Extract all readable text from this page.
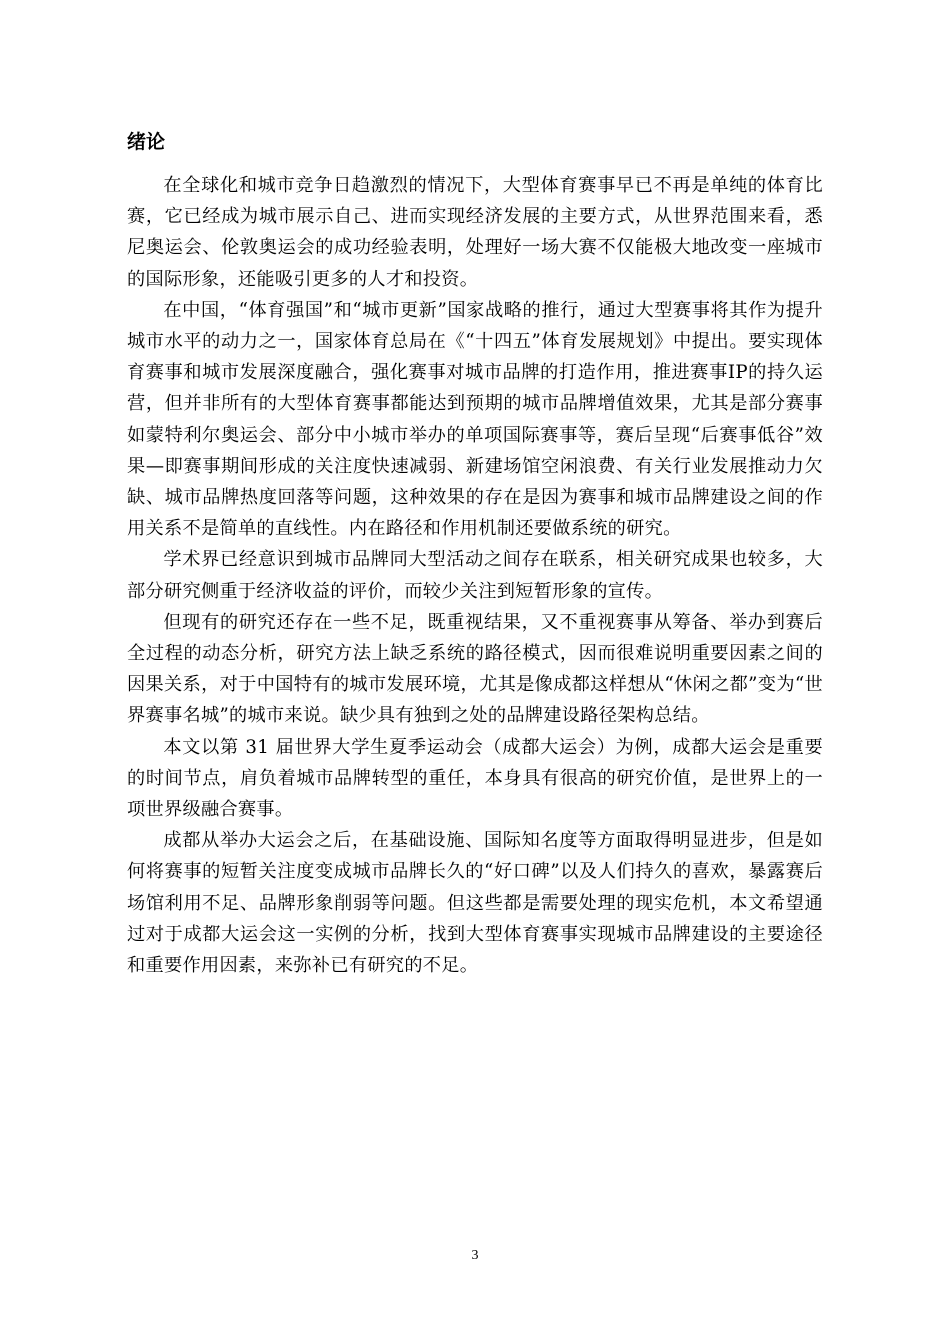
绪论

在全球化和城市竞争日趋激烈的情况下，大型体育赛事早已不再是单纯的体育比赛，它已经成为城市展示自己、进而实现经济发展的主要方式，从世界范围来看，悉尼奥运会、伦敦奥运会的成功经验表明，处理好一场大赛不仅能极大地改变一座城市的国际形象，还能吸引更多的人才和投资。

在中国，“体育强国”和“城市更新”国家战略的推行，通过大型赛事将其作为提升城市水平的动力之一，国家体育总局在《“十四五”体育发展规划》中提出。要实现体育赛事和城市发展深度融合，强化赛事对城市品牌的打造作用，推进赛事IP的持久运营，但并非所有的大型体育赛事都能达到预期的城市品牌增值效果，尤其是部分赛事如蒙特利尔奥运会、部分中小城市举办的单项国际赛事等，赛后呈现“后赛事低谷”效果—即赛事期间形成的关注度快速减弱、新建场馆空闲浪费、有关行业发展推动力欠缺、城市品牌热度回落等问题，这种效果的存在是因为赛事和城市品牌建设之间的作用关系不是简单的直线性。内在路径和作用机制还要做系统的研究。

学术界已经意识到城市品牌同大型活动之间存在联系，相关研究成果也较多，大部分研究侧重于经济收益的评价，而较少关注到短暂形象的宣传。

但现有的研究还存在一些不足，既重视结果，又不重视赛事从筹备、举办到赛后全过程的动态分析，研究方法上缺乏系统的路径模式，因而很难说明重要因素之间的因果关系，对于中国特有的城市发展环境，尤其是像成都这样想从“休闲之都”变为“世界赛事名城”的城市来说。缺少具有独到之处的品牌建设路径架构总结。

本文以第 31 届世界大学生夏季运动会（成都大运会）为例，成都大运会是重要的时间节点，肩负着城市品牌转型的重任，本身具有很高的研究价值，是世界上的一项世界级融合赛事。

成都从举办大运会之后，在基础设施、国际知名度等方面取得明显进步，但是如何将赛事的短暂关注度变成城市品牌长久的“好口碑”以及人们持久的喜欢，暴露赛后场馆利用不足、品牌形象削弱等问题。但这些都是需要处理的现实危机，本文希望通过对于成都大运会这一实例的分析，找到大型体育赛事实现城市品牌建设的主要途径和重要作用因素，来弥补已有研究的不足。

3
